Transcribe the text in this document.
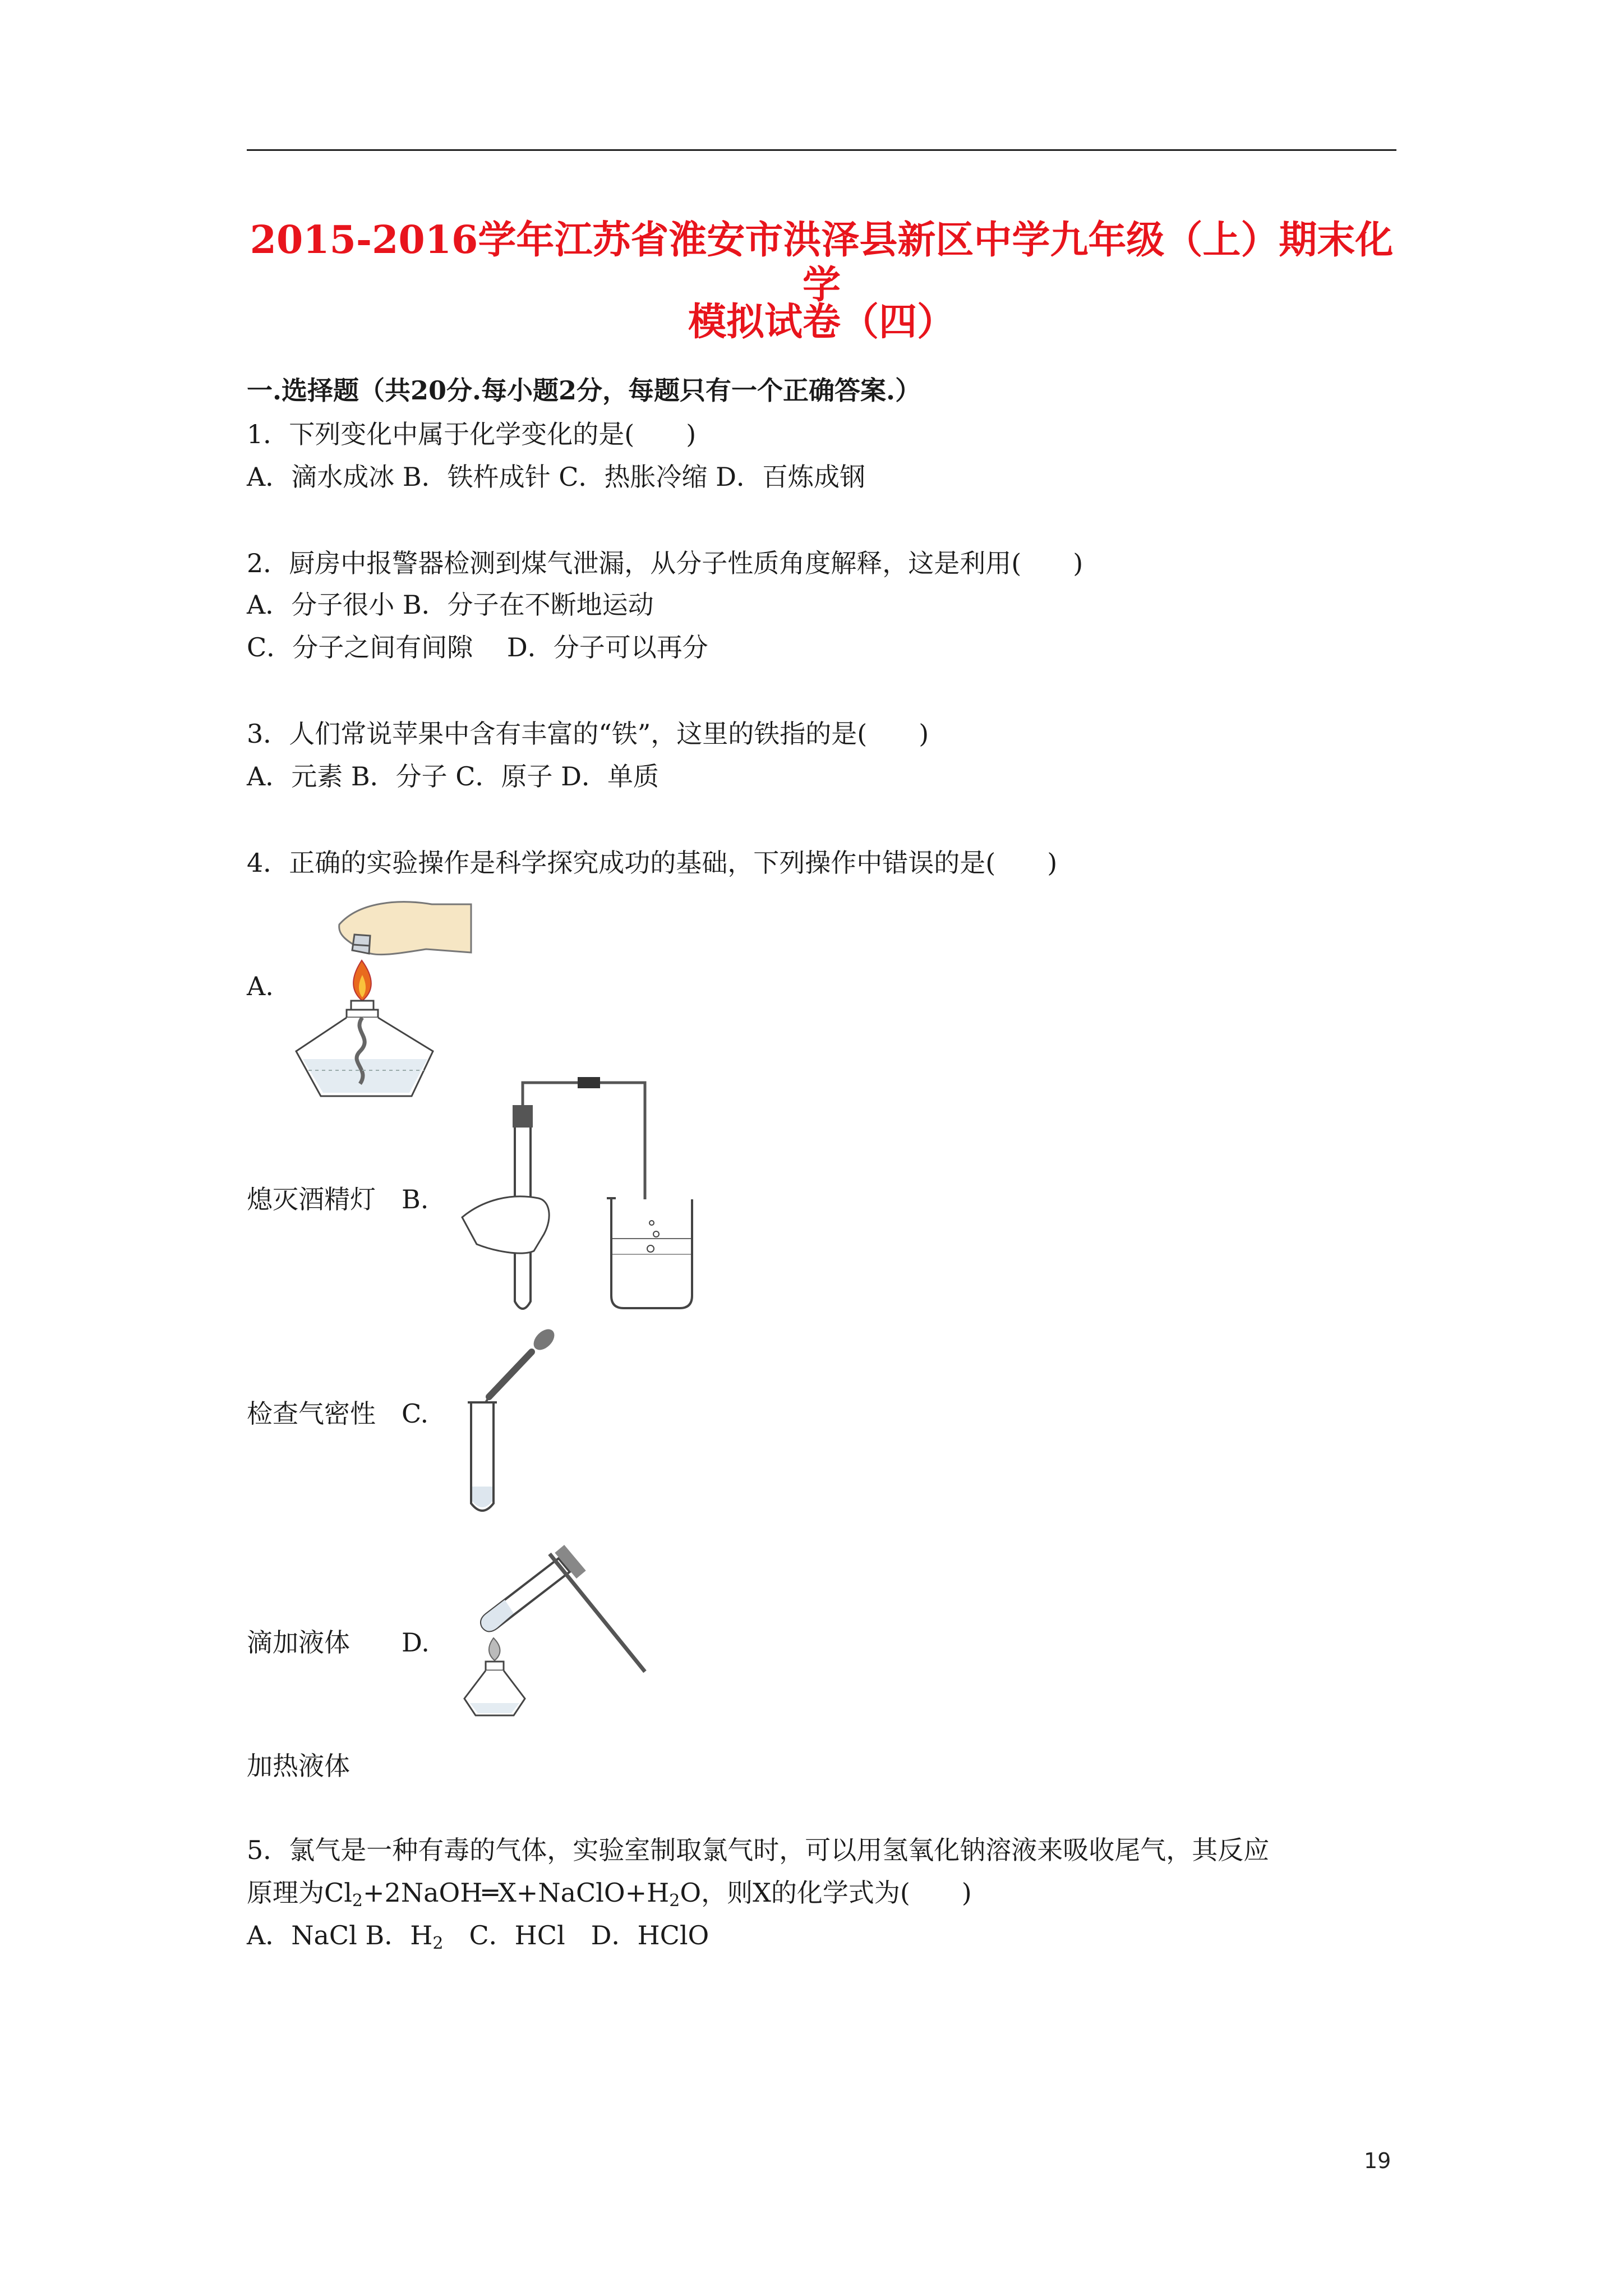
2015-2016学年江苏省淮安市洪泽县新区中学九年级（上）期末化学
模拟试卷（四）
一.选择题（共20分.每小题2分，每题只有一个正确答案.）
1．下列变化中属于化学变化的是(　　)
A．滴水成冰 B．铁杵成针 C．热胀冷缩 D．百炼成钢
2．厨房中报警器检测到煤气泄漏，从分子性质角度解释，这是利用(　　)
A．分子很小 B．分子在不断地运动
C．分子之间有间隙　 D．分子可以再分
3．人们常说苹果中含有丰富的“铁”，这里的铁指的是(　　)
A．元素 B．分子 C．原子 D．单质
4．正确的实验操作是科学探究成功的基础，下列操作中错误的是(　　)
A.
熄灭酒精灯　B.
检查气密性　C.
滴加液体　　D.
加热液体
5．氯气是一种有毒的气体，实验室制取氯气时，可以用氢氧化钠溶液来吸收尾气，其反应
原理为$Cl_2+2NaOH═X+NaClO+H_2O$，则X的化学式为(　　)
A．NaCl B．$H_2$　C．HCl　D．HClO
19
